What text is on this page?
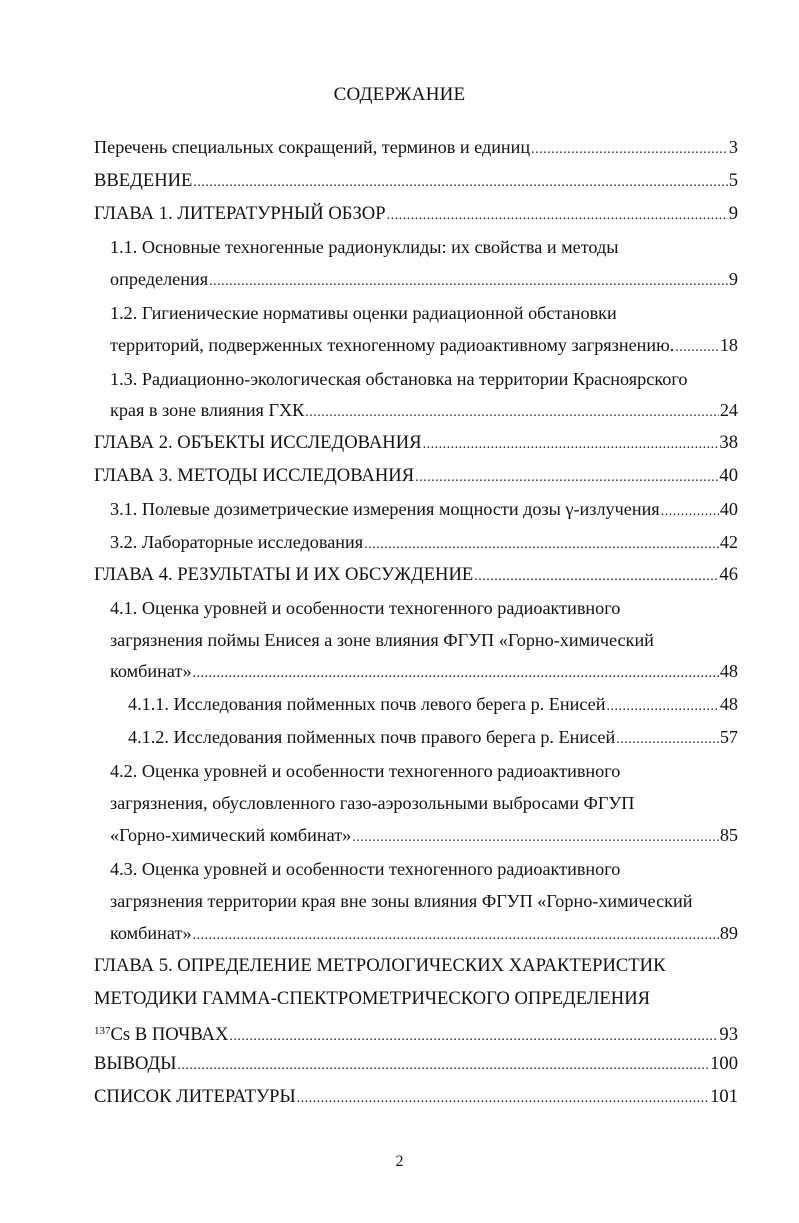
СОДЕРЖАНИЕ
Перечень специальных сокращений, терминов и единиц .....	3
ВВЕДЕНИЕ .....	5
ГЛАВА 1. ЛИТЕРАТУРНЫЙ ОБЗОР .....	9
1.1. Основные техногенные радионуклиды: их свойства и методы
определения .....	9
1.2. Гигиенические нормативы оценки радиационной обстановки
территорий, подверженных техногенному радиоактивному загрязнению. .....	18
1.3. Радиационно-экологическая обстановка на территории Красноярского
края в зоне влияния ГХК .....	24
ГЛАВА 2. ОБЪЕКТЫ ИССЛЕДОВАНИЯ .....	38
ГЛАВА 3. МЕТОДЫ ИССЛЕДОВАНИЯ .....	40
3.1. Полевые дозиметрические измерения мощности дозы γ-излучения .....	40
3.2. Лабораторные исследования .....	42
ГЛАВА 4. РЕЗУЛЬТАТЫ И ИХ ОБСУЖДЕНИЕ .....	46
4.1. Оценка уровней и особенности техногенного радиоактивного
загрязнения поймы Енисея а зоне влияния ФГУП «Горно-химический
комбинат» .....	48
4.1.1. Исследования пойменных почв левого берега р. Енисей .....	48
4.1.2. Исследования пойменных почв правого берега р. Енисей .....	57
4.2. Оценка уровней и особенности техногенного радиоактивного
загрязнения, обусловленного газо-аэрозольными выбросами ФГУП
«Горно-химический комбинат» .....	85
4.3. Оценка уровней и особенности техногенного радиоактивного
загрязнения территории края вне зоны влияния ФГУП «Горно-химический
комбинат» .....	89
ГЛАВА 5. ОПРЕДЕЛЕНИЕ МЕТРОЛОГИЧЕСКИХ ХАРАКТЕРИСТИК
МЕТОДИКИ ГАММА-СПЕКТРОМЕТРИЧЕСКОГО ОПРЕДЕЛЕНИЯ
$^{137}$Cs В ПОЧВАХ .....	93
ВЫВОДЫ .....	100
СПИСОК ЛИТЕРАТУРЫ .....	101
2
